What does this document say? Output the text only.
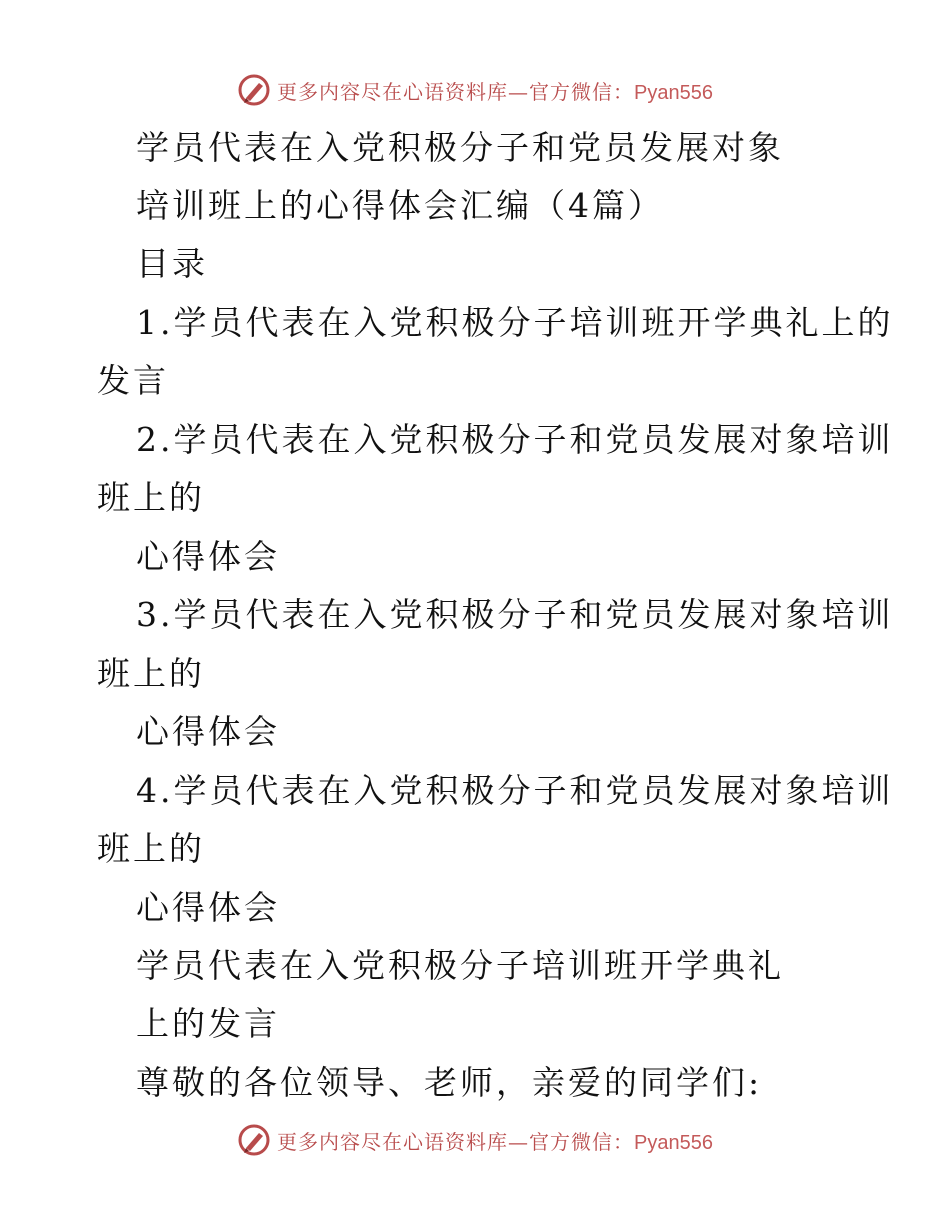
更多内容尽在心语资料库—官方微信：Pyan556
学员代表在入党积极分子和党员发展对象
培训班上的心得体会汇编（4篇）
目录
1.学员代表在入党积极分子培训班开学典礼上的
发言
2.学员代表在入党积极分子和党员发展对象培训
班上的
心得体会
3.学员代表在入党积极分子和党员发展对象培训
班上的
心得体会
4.学员代表在入党积极分子和党员发展对象培训
班上的
心得体会
学员代表在入党积极分子培训班开学典礼
上的发言
尊敬的各位领导、老师，亲爱的同学们:
更多内容尽在心语资料库—官方微信：Pyan556
